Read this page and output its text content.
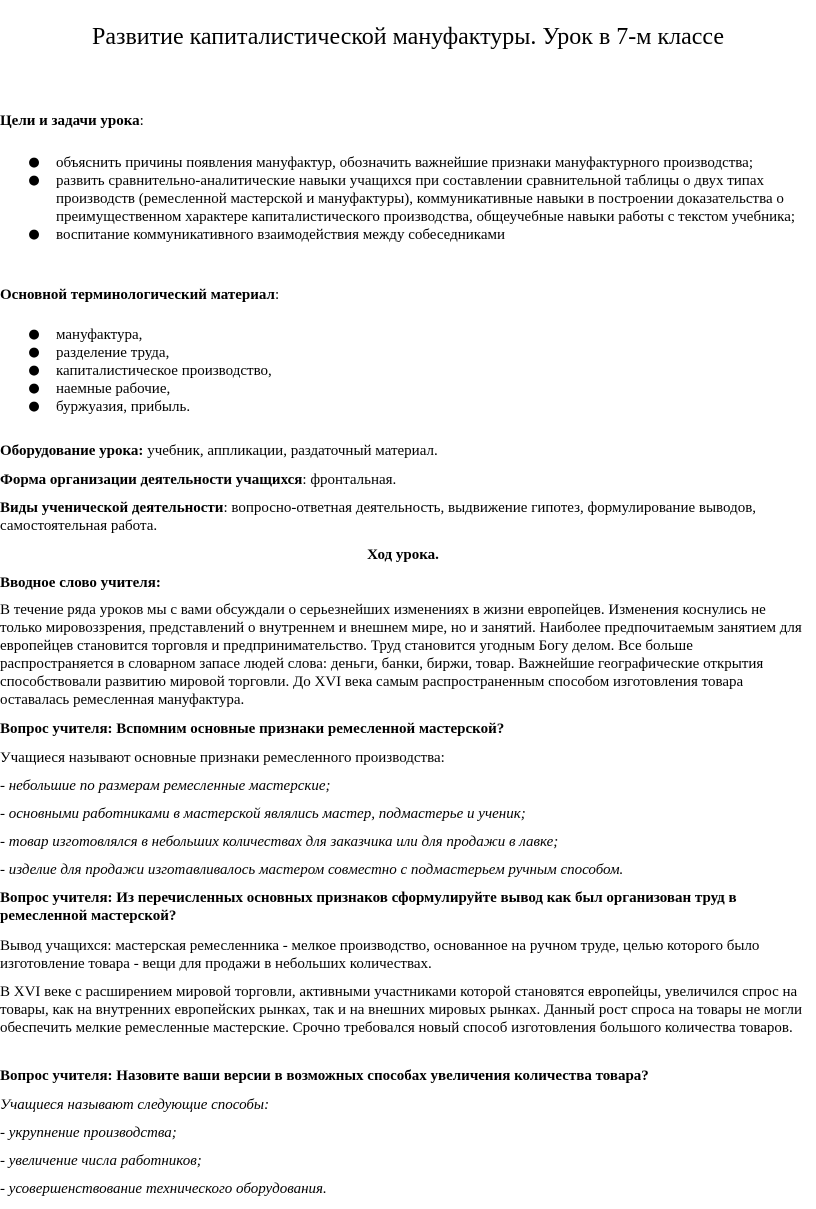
Развитие капиталистической мануфактуры. Урок в 7-м классе

Цели и задачи урока:

● объяснить причины появления мануфактур, обозначить важнейшие признаки мануфактурного производства;
● развить сравнительно-аналитические навыки учащихся при составлении сравнительной таблицы о двух типах производств (ремесленной мастерской и мануфактуры), коммуникативные навыки в построении доказательства о преимущественном характере капиталистического производства, общеучебные навыки работы с текстом учебника;
● воспитание коммуникативного взаимодействия между собеседниками

Основной терминологический материал:

● мануфактура,
● разделение труда,
● капиталистическое производство,
● наемные рабочие,
● буржуазия, прибыль.

Оборудование урока: учебник, аппликации, раздаточный материал.

Форма организации деятельности учащихся: фронтальная.

Виды ученической деятельности: вопросно-ответная деятельность, выдвижение гипотез, формулирование выводов, самостоятельная работа.

Ход урока.

Вводное слово учителя:

В течение ряда уроков мы с вами обсуждали о серьезнейших изменениях в жизни европейцев. Изменения коснулись не только мировоззрения, представлений о внутреннем и внешнем мире, но и занятий. Наиболее предпочитаемым занятием для европейцев становится торговля и предпринимательство. Труд становится угодным Богу делом. Все больше распространяется в словарном запасе людей слова: деньги, банки, биржи, товар. Важнейшие географические открытия способствовали развитию мировой торговли. До XVI века самым распространенным способом изготовления товара оставалась ремесленная мануфактура.

Вопрос учителя: Вспомним основные признаки ремесленной мастерской?

Учащиеся называют основные признаки ремесленного производства:

- небольшие по размерам ремесленные мастерские;

- основными работниками в мастерской являлись мастер, подмастерье и ученик;

- товар изготовлялся в небольших количествах для заказчика или для продажи в лавке;

- изделие для продажи изготавливалось мастером совместно с подмастерьем ручным способом.

Вопрос учителя: Из перечисленных основных признаков сформулируйте вывод как был организован труд в ремесленной мастерской?

Вывод учащихся: мастерская ремесленника - мелкое производство, основанное на ручном труде, целью которого было изготовление товара - вещи для продажи в небольших количествах.

В XVI веке с расширением мировой торговли, активными участниками которой становятся европейцы, увеличился спрос на товары, как на внутренних европейских рынках, так и на внешних мировых рынках. Данный рост спроса на товары не могли обеспечить мелкие ремесленные мастерские. Срочно требовался новый способ изготовления большого количества товаров.

Вопрос учителя: Назовите ваши версии в возможных способах увеличения количества товара?

Учащиеся называют следующие способы:

- укрупнение производства;

- увеличение числа работников;

- усовершенствование технического оборудования.
